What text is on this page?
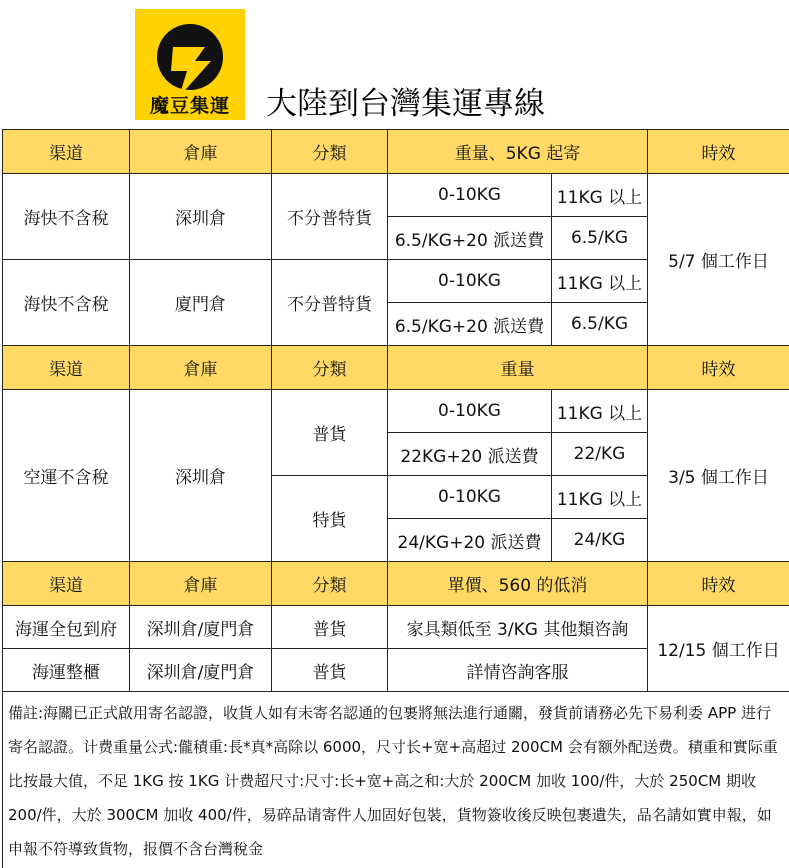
魔豆集運	大陸到台灣集運專線
渠道	倉庫	分類	重量、5KG 起寄		時效
海快不含稅	深圳倉	不分普特貨	0-10KG	11KG 以上	5/7 個工作日
			6.5/KG+20 派送費	6.5/KG	
海快不含稅	廈門倉	不分普特貨	0-10KG	11KG 以上	
			6.5/KG+20 派送費	6.5/KG	
渠道	倉庫	分類	重量		時效
空運不含稅	深圳倉	普貨	0-10KG	11KG 以上	3/5 個工作日
			22KG+20 派送費	22/KG	
		特貨	0-10KG	11KG 以上	
			24/KG+20 派送費	24/KG	
渠道	倉庫	分類	單價、560 的低消		時效
海運全包到府	深圳倉/廈門倉	普貨	家具類低至 3/KG 其他類咨詢		12/15 個工作日
海運整櫃	深圳倉/廈門倉	普貨	詳情咨詢客服		
備註:海關已正式啟用寄名認證，收貨人如有未寄名認通的包裹將無法進行通關，發貨前请務必先下易利委 APP 进行寄名認證。计费重量公式:儱積重:長*真*高除以 6000，尺寸长+宽+高超过 200CM 会有额外配送费。積重和實际重比按最大值，不足 1KG 按 1KG 计费超尺寸:尺寸:长+宽+高之和:大於 200CM 加收 100/件，大於 250CM 期收 200/件，大於 300CM 加收 400/件，易碎品请寄件人加固好包裝，貨物簽收後反映包裹遺失，品名請如實申報，如申報不符導致貨物，报價不含台灣稅金					
